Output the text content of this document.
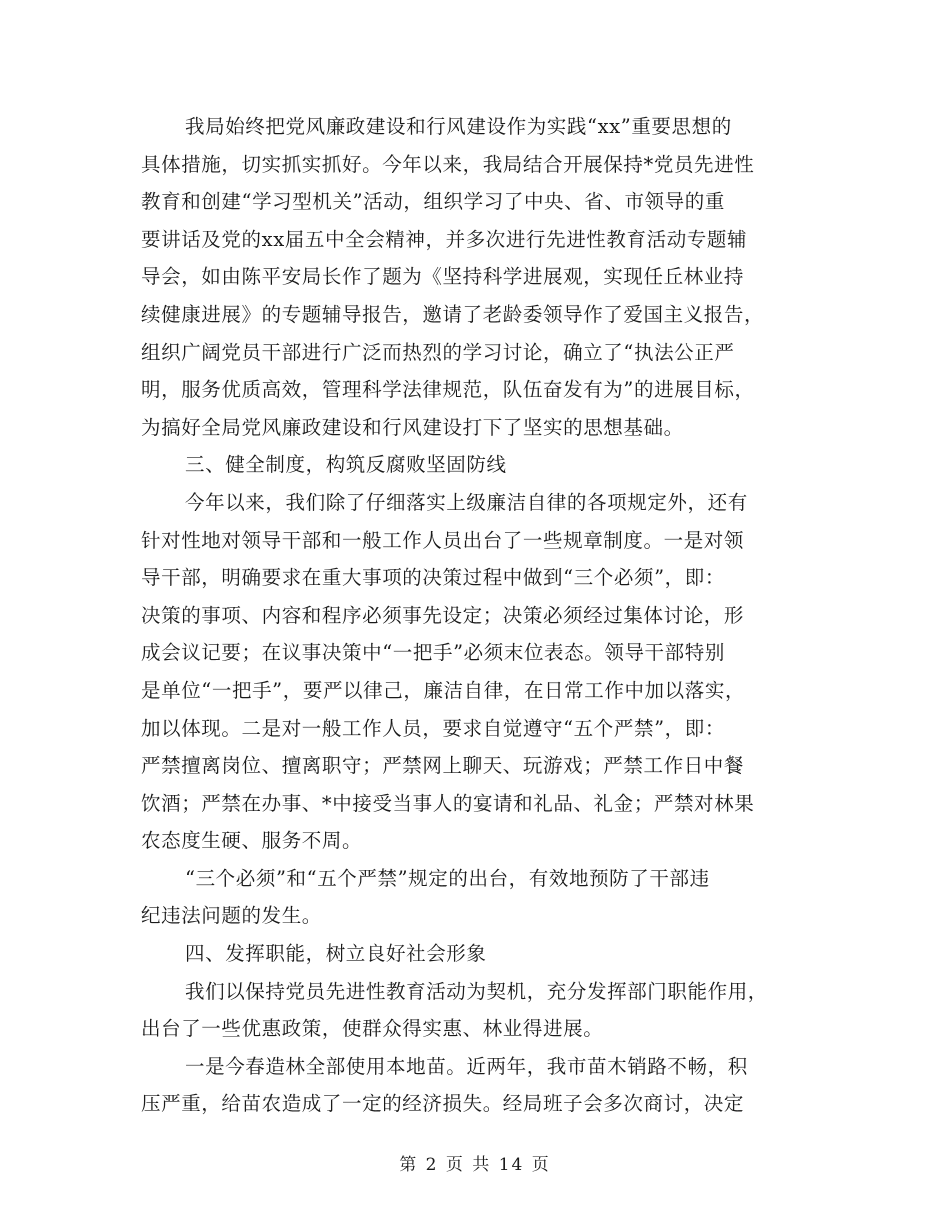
我局始终把党风廉政建设和行风建设作为实践“xx”重要思想的
具体措施，切实抓实抓好。今年以来，我局结合开展保持*党员先进性
教育和创建“学习型机关”活动，组织学习了中央、省、市领导的重
要讲话及党的xx届五中全会精神，并多次进行先进性教育活动专题辅
导会，如由陈平安局长作了题为《坚持科学进展观，实现任丘林业持
续健康进展》的专题辅导报告，邀请了老龄委领导作了爱国主义报告，
组织广阔党员干部进行广泛而热烈的学习讨论，确立了“执法公正严
明，服务优质高效，管理科学法律规范，队伍奋发有为”的进展目标，
为搞好全局党风廉政建设和行风建设打下了坚实的思想基础。
三、健全制度，构筑反腐败坚固防线
今年以来，我们除了仔细落实上级廉洁自律的各项规定外，还有
针对性地对领导干部和一般工作人员出台了一些规章制度。一是对领
导干部，明确要求在重大事项的决策过程中做到“三个必须”，即：
决策的事项、内容和程序必须事先设定；决策必须经过集体讨论，形
成会议记要；在议事决策中“一把手”必须末位表态。领导干部特别
是单位“一把手”，要严以律己，廉洁自律，在日常工作中加以落实，
加以体现。二是对一般工作人员，要求自觉遵守“五个严禁”，即：
严禁擅离岗位、擅离职守；严禁网上聊天、玩游戏；严禁工作日中餐
饮酒；严禁在办事、*中接受当事人的宴请和礼品、礼金；严禁对林果
农态度生硬、服务不周。
“三个必须”和“五个严禁”规定的出台，有效地预防了干部违
纪违法问题的发生。
四、发挥职能，树立良好社会形象
我们以保持党员先进性教育活动为契机，充分发挥部门职能作用，
出台了一些优惠政策，使群众得实惠、林业得进展。
一是今春造林全部使用本地苗。近两年，我市苗木销路不畅，积
压严重，给苗农造成了一定的经济损失。经局班子会多次商讨，决定
第 2 页 共 14 页
